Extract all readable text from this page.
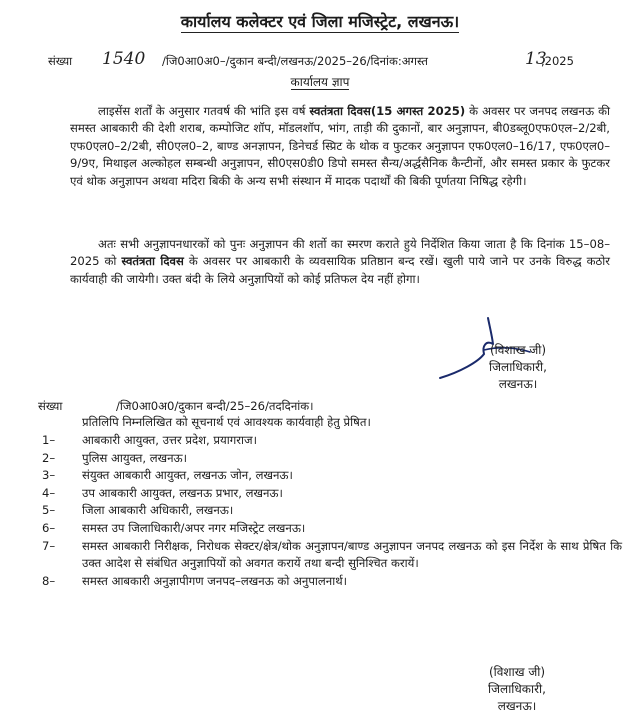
कार्यालय कलेक्टर एवं जिला मजिस्ट्रेट, लखनऊ।
संख्या	/जि0आ0अ0–/दुकान बन्दी/लखनऊ/2025–26/दिनांक:अगस्त	,2025
1540	13
कार्यालय ज्ञाप
लाइसेंस शर्तों के अनुसार गतवर्ष की भांति इस वर्ष स्वतंत्रता दिवस(15 अगस्त 2025) के अवसर पर जनपद लखनऊ की समस्त आबकारी की देशी शराब, कम्पोजिट शॉप, मॉडलशॉप, भांग, ताड़ी की दुकानों, बार अनुज्ञापन, बी0डब्लू0एफ0एल–2/2बी, एफ0एल0–2/2बी, सी0एल0–2, बाण्ड अनज्ञापन, डिनेचर्ड स्प्रिट के थोक व फुटकर अनुज्ञापन एफ0एल0–16/17, एफ0एल0–9/9ए, मिथाइल अल्कोहल सम्बन्धी अनुज्ञापन, सी0एस0डी0 डिपो समस्त सैन्य/अर्द्धसैनिक कैन्टीनों, और समस्त प्रकार के फुटकर एवं थोक अनुज्ञापन अथवा मदिरा बिकी के अन्य सभी संस्थान में मादक पदार्थों की बिकी पूर्णतया निषिद्ध रहेगी।
अतः सभी अनुज्ञापनधारकों को पुनः अनुज्ञापन की शर्तो का स्मरण कराते हुये निर्देशित किया जाता है कि दिनांक 15–08–2025 को स्वतंत्रता दिवस के अवसर पर आबकारी के व्यवसायिक प्रतिष्ठान बन्द रखें। खुली पाये जाने पर उनके विरुद्ध कठोर कार्यवाही की जायेगी। उक्त बंदी के लिये अनुज्ञापियों को कोई प्रतिफल देय नहीं होगा।
(विशाख जी)
जिलाधिकारी,
लखनऊ।
संख्या	/जि0आ0अ0/दुकान बन्दी/25–26/तददिनांक।
प्रतिलिपि निम्नलिखित को सूचनार्थ एवं आवश्यक कार्यवाही हेतु प्रेषित।
1–	आबकारी आयुक्त, उत्तर प्रदेश, प्रयागराज।
2–	पुलिस आयुक्त, लखनऊ।
3–	संयुक्त आबकारी आयुक्त, लखनऊ जोन, लखनऊ।
4–	उप आबकारी आयुक्त, लखनऊ प्रभार, लखनऊ।
5–	जिला आबकारी अधिकारी, लखनऊ।
6–	समस्त उप जिलाधिकारी/अपर नगर मजिस्ट्रेट लखनऊ।
7–	समस्त आबकारी निरीक्षक, निरोधक सेक्टर/क्षेत्र/थोक अनुज्ञापन/बाण्ड अनुज्ञापन जनपद लखनऊ को इस निर्देश के साथ प्रेषित कि उक्त आदेश से संबंधित अनुज्ञापियों को अवगत करायें तथा बन्दी सुनिश्चित करायें।
8–	समस्त आबकारी अनुज्ञापीगण जनपद–लखनऊ को अनुपालनार्थ।
(विशाख जी)
जिलाधिकारी,
लखनऊ।
